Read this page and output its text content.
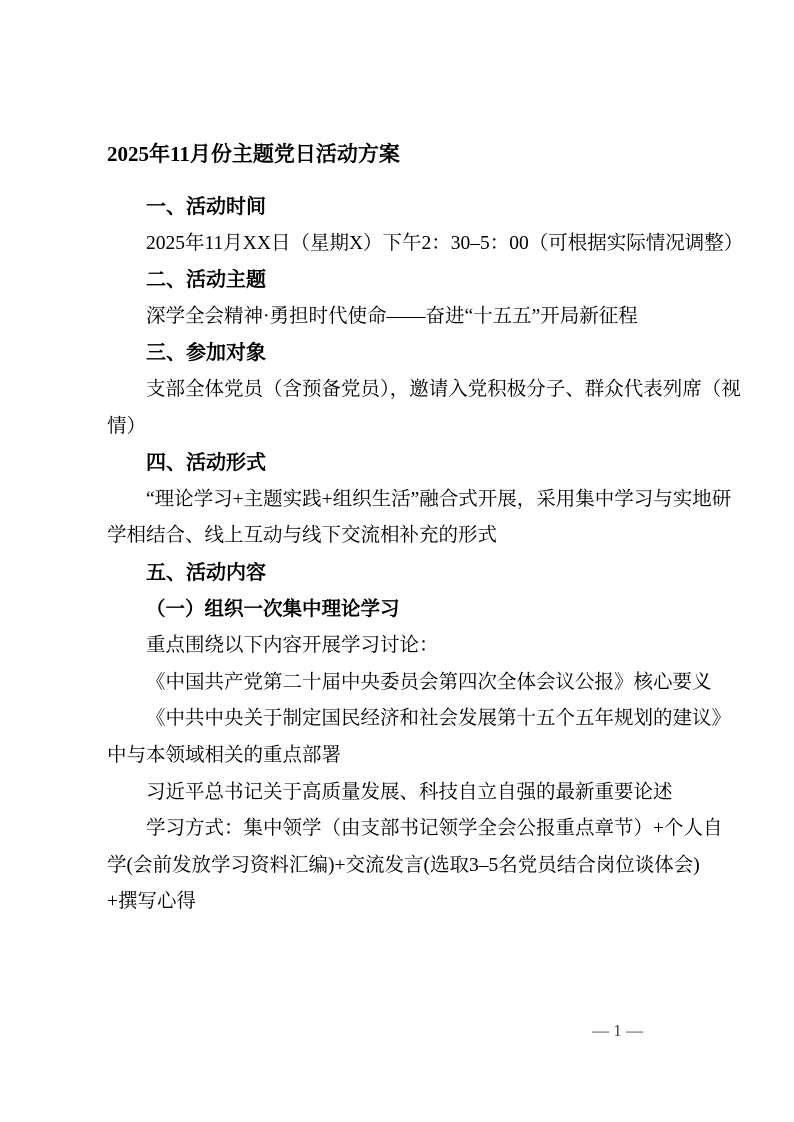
2025年11月份主题党日活动方案
一、活动时间
2025年11月XX日（星期X）下午2：30–5：00（可根据实际情况调整）
二、活动主题
深学全会精神·勇担时代使命——奋进“十五五”开局新征程
三、参加对象
支部全体党员（含预备党员），邀请入党积极分子、群众代表列席（视
情）
四、活动形式
“理论学习+主题实践+组织生活”融合式开展，采用集中学习与实地研
学相结合、线上互动与线下交流相补充的形式
五、活动内容
（一）组织一次集中理论学习
重点围绕以下内容开展学习讨论：
《中国共产党第二十届中央委员会第四次全体会议公报》核心要义
《中共中央关于制定国民经济和社会发展第十五个五年规划的建议》
中与本领域相关的重点部署
习近平总书记关于高质量发展、科技自立自强的最新重要论述
学习方式：集中领学（由支部书记领学全会公报重点章节）+个人自
学(会前发放学习资料汇编)+交流发言(选取3–5名党员结合岗位谈体会)
+撰写心得
— 1 —
